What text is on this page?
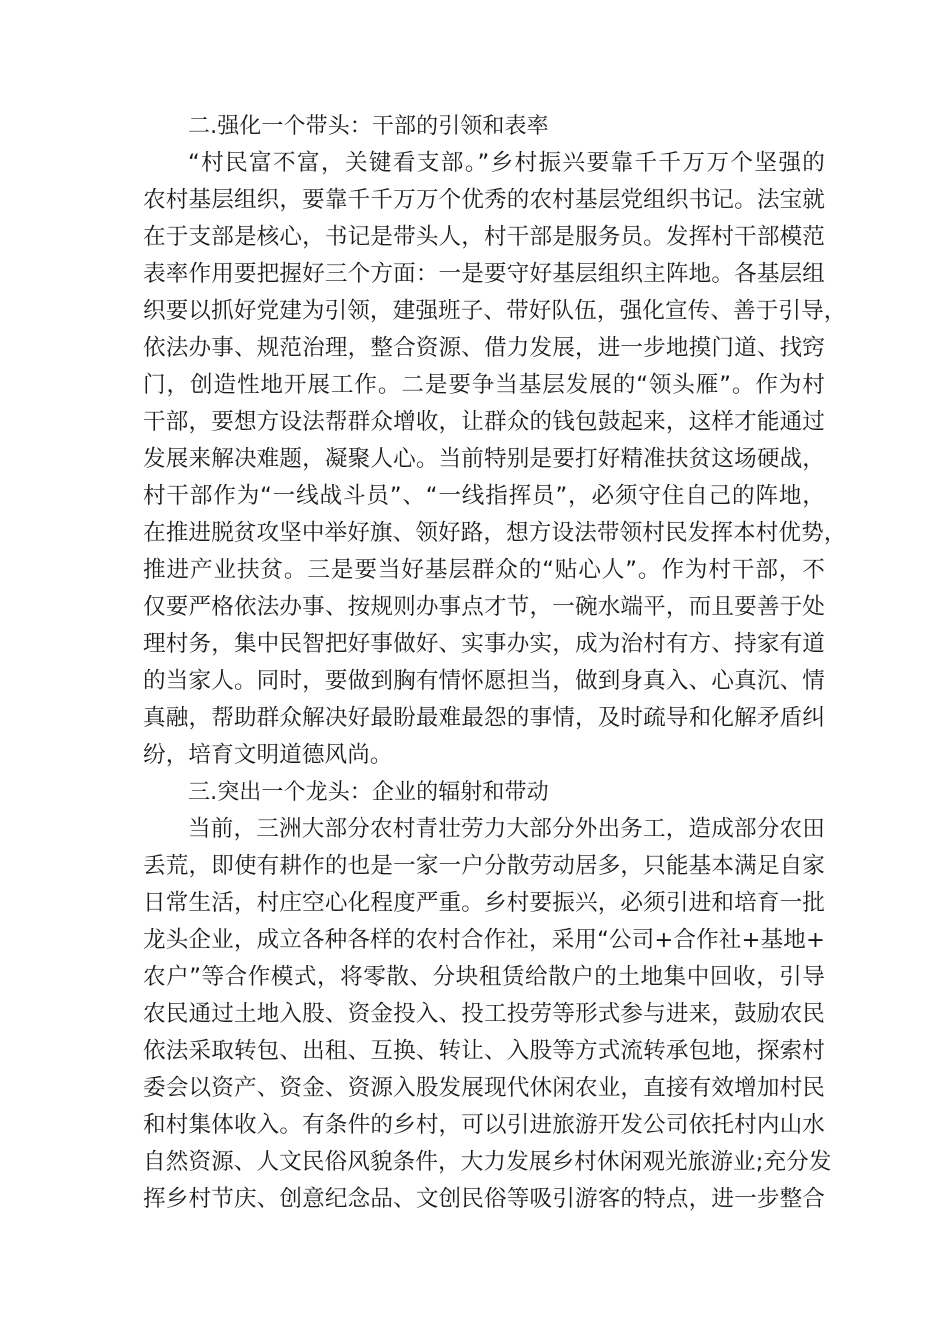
二.强化一个带头：干部的引领和表率

“村民富不富，关键看支部。”乡村振兴要靠千千万万个坚强的
农村基层组织，要靠千千万万个优秀的农村基层党组织书记。法宝就
在于支部是核心，书记是带头人，村干部是服务员。发挥村干部模范
表率作用要把握好三个方面：一是要守好基层组织主阵地。各基层组
织要以抓好党建为引领，建强班子、带好队伍，强化宣传、善于引导，
依法办事、规范治理，整合资源、借力发展，进一步地摸门道、找窍
门，创造性地开展工作。二是要争当基层发展的“领头雁”。作为村
干部，要想方设法帮群众增收，让群众的钱包鼓起来，这样才能通过
发展来解决难题，凝聚人心。当前特别是要打好精准扶贫这场硬战，
村干部作为“一线战斗员”、“一线指挥员”，必须守住自己的阵地，
在推进脱贫攻坚中举好旗、领好路，想方设法带领村民发挥本村优势，
推进产业扶贫。三是要当好基层群众的“贴心人”。作为村干部，不
仅要严格依法办事、按规则办事点才节，一碗水端平，而且要善于处
理村务，集中民智把好事做好、实事办实，成为治村有方、持家有道
的当家人。同时，要做到胸有情怀愿担当，做到身真入、心真沉、情
真融，帮助群众解决好最盼最难最怨的事情，及时疏导和化解矛盾纠
纷，培育文明道德风尚。

三.突出一个龙头：企业的辐射和带动

当前，三洲大部分农村青壮劳力大部分外出务工，造成部分农田
丢荒，即使有耕作的也是一家一户分散劳动居多，只能基本满足自家
日常生活，村庄空心化程度严重。乡村要振兴，必须引进和培育一批
龙头企业，成立各种各样的农村合作社，采用“公司+合作社+基地+
农户”等合作模式，将零散、分块租赁给散户的土地集中回收，引导
农民通过土地入股、资金投入、投工投劳等形式参与进来，鼓励农民
依法采取转包、出租、互换、转让、入股等方式流转承包地，探索村
委会以资产、资金、资源入股发展现代休闲农业，直接有效增加村民
和村集体收入。有条件的乡村，可以引进旅游开发公司依托村内山水
自然资源、人文民俗风貌条件，大力发展乡村休闲观光旅游业;充分发
挥乡村节庆、创意纪念品、文创民俗等吸引游客的特点，进一步整合
